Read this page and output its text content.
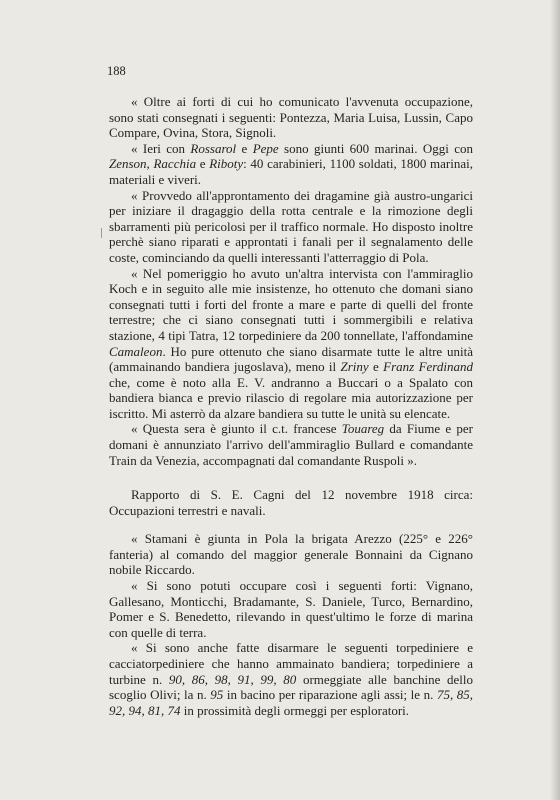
188

« Oltre ai forti di cui ho comunicato l'avvenuta occupazione, sono stati consegnati i seguenti: Pontezza, Maria Luisa, Lussin, Capo Compare, Ovina, Stora, Signoli.

« Ieri con Rossarol e Pepe sono giunti 600 marinai. Oggi con Zenson, Racchia e Riboty: 40 carabinieri, 1100 soldati, 1800 marinai, materiali e viveri.

« Provvedo all'approntamento dei dragamine già austro-ungarici per iniziare il dragaggio della rotta centrale e la rimozione degli sbarramenti più pericolosi per il traffico normale. Ho disposto inoltre perchè siano riparati e approntati i fanali per il segnalamento delle coste, cominciando da quelli interessanti l'atterraggio di Pola.

« Nel pomeriggio ho avuto un'altra intervista con l'ammiraglio Koch e in seguito alle mie insistenze, ho ottenuto che domani siano consegnati tutti i forti del fronte a mare e parte di quelli del fronte terrestre; che ci siano consegnati tutti i sommergibili e relativa stazione, 4 tipi Tatra, 12 torpediniere da 200 tonnellate, l'affondamine Camaleon. Ho pure ottenuto che siano disarmate tutte le altre unità (ammainando bandiera jugoslava), meno il Zriny e Franz Ferdinand che, come è noto alla E. V. andranno a Buccari o a Spalato con bandiera bianca e previo rilascio di regolare mia autorizzazione per iscritto. Mi asterrò da alzare bandiera su tutte le unità su elencate.

« Questa sera è giunto il c.t. francese Touareg da Fiume e per domani è annunziato l'arrivo dell'ammiraglio Bullard e comandante Train da Venezia, accompagnati dal comandante Ruspoli ».

Rapporto di S. E. Cagni del 12 novembre 1918 circa: Occupazioni terrestri e navali.

« Stamani è giunta in Pola la brigata Arezzo (225° e 226° fanteria) al comando del maggior generale Bonnaini da Cignano nobile Riccardo.

« Si sono potuti occupare così i seguenti forti: Vignano, Gallesano, Monticchi, Bradamante, S. Daniele, Turco, Bernardino, Pomer e S. Benedetto, rilevando in quest'ultimo le forze di marina con quelle di terra.

« Si sono anche fatte disarmare le seguenti torpediniere e cacciatorpediniere che hanno ammainato bandiera; torpediniere a turbine n. 90, 86, 98, 91, 99, 80 ormeggiate alle banchine dello scoglio Olivi; la n. 95 in bacino per riparazione agli assi; le n. 75, 85, 92, 94, 81, 74 in prossimità degli ormeggi per esploratori.
